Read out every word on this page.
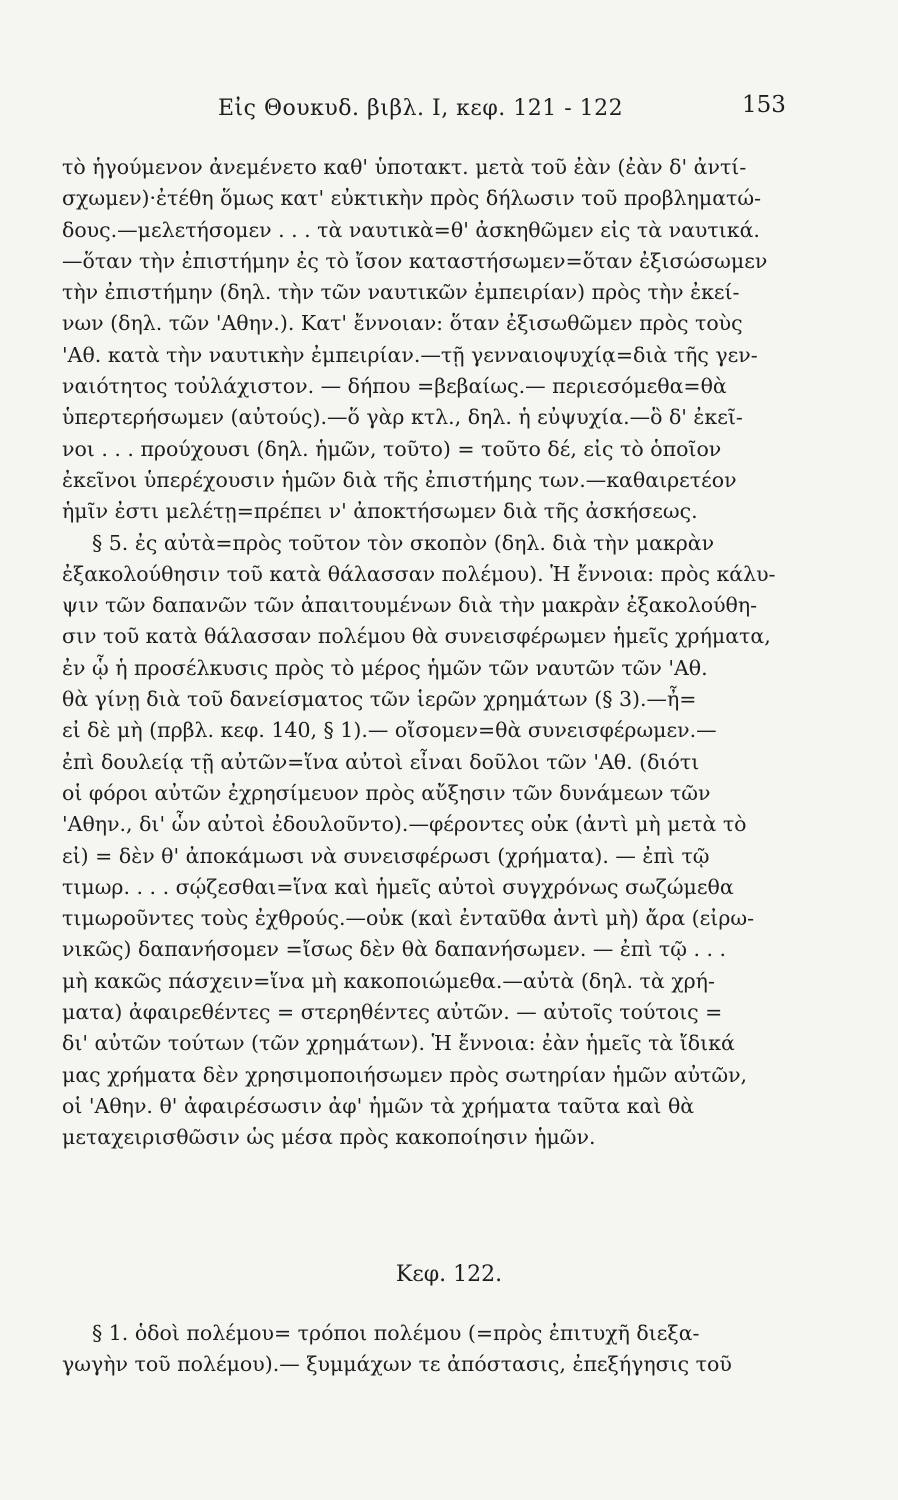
Εἰς Θουκυδ. βιβλ. Ι, κεφ. 121 - 122	153
τὸ ἡγούμενον ἀνεμένετο καθ' ὑποτακτ. μετὰ τοῦ ἐὰν (ἐὰν δ' ἀντί-
σχωμεν)·ἐτέθη ὅμως κατ' εὐκτικὴν πρὸς δήλωσιν τοῦ προβληματώ-
δους.—μελετήσομεν . . . τὰ ναυτικὰ=θ' ἀσκηθῶμεν εἰς τὰ ναυτικά.
—ὅταν τὴν ἐπιστήμην ἐς τὸ ἴσον καταστήσωμεν=ὅταν ἐξισώσωμεν
τὴν ἐπιστήμην (δηλ. τὴν τῶν ναυτικῶν ἐμπειρίαν) πρὸς τὴν ἐκεί-
νων (δηλ. τῶν 'Αθην.). Κατ' ἔννοιαν: ὅταν ἐξισωθῶμεν πρὸς τοὺς
'Αθ. κατὰ τὴν ναυτικὴν ἐμπειρίαν.—τῇ γενναιοψυχίᾳ=διὰ τῆς γεν-
ναιότητος τοὐλάχιστον. — δήπου =βεβαίως.— περιεσόμεθα=θὰ
ὑπερτερήσωμεν (αὐτούς).—ὅ γὰρ κτλ., δηλ. ἡ εὐψυχία.—ὃ δ' ἐκεῖ-
νοι . . . προύχουσι (δηλ. ἡμῶν, τοῦτο) = τοῦτο δέ, εἰς τὸ ὁποῖον
ἐκεῖνοι ὑπερέχουσιν ἡμῶν διὰ τῆς ἐπιστήμης των.—καθαιρετέον
ἡμῖν ἐστι μελέτῃ=πρέπει ν' ἀποκτήσωμεν διὰ τῆς ἀσκήσεως.
§ 5. ἐς αὐτὰ=πρὸς τοῦτον τὸν σκοπὸν (δηλ. διὰ τὴν μακρὰν
ἐξακολούθησιν τοῦ κατὰ θάλασσαν πολέμου). Ἡ ἔννοια: πρὸς κάλυ-
ψιν τῶν δαπανῶν τῶν ἀπαιτουμένων διὰ τὴν μακρὰν ἐξακολούθη-
σιν τοῦ κατὰ θάλασσαν πολέμου θὰ συνεισφέρωμεν ἡμεῖς χρήματα,
ἐν ᾧ ἡ προσέλκυσις πρὸς τὸ μέρος ἡμῶν τῶν ναυτῶν τῶν 'Αθ.
θὰ γίνῃ διὰ τοῦ δανείσματος τῶν ἱερῶν χρημάτων (§ 3).—ἦ=
εἰ δὲ μὴ (πρβλ. κεφ. 140, § 1).— οἴσομεν=θὰ συνεισφέρωμεν.—
ἐπὶ δουλείᾳ τῇ αὐτῶν=ἵνα αὐτοὶ εἶναι δοῦλοι τῶν 'Αθ. (διότι
οἱ φόροι αὐτῶν ἐχρησίμευον πρὸς αὔξησιν τῶν δυνάμεων τῶν
'Αθην., δι' ὧν αὐτοὶ ἐδουλοῦντο).—φέροντες οὐκ (ἀντὶ μὴ μετὰ τὸ
εἰ) = δὲν θ' ἀποκάμωσι νὰ συνεισφέρωσι (χρήματα). — ἐπὶ τῷ
τιμωρ. . . . σῴζεσθαι=ἵνα καὶ ἡμεῖς αὐτοὶ συγχρόνως σωζώμεθα
τιμωροῦντες τοὺς ἐχθρούς.—οὐκ (καὶ ἐνταῦθα ἀντὶ μὴ) ἄρα (εἰρω-
νικῶς) δαπανήσομεν =ἴσως δὲν θὰ δαπανήσωμεν. — ἐπὶ τῷ . . .
μὴ κακῶς πάσχειν=ἵνα μὴ κακοποιώμεθα.—αὐτὰ (δηλ. τὰ χρή-
ματα) ἀφαιρεθέντες = στερηθέντες αὐτῶν. — αὐτοῖς τούτοις =
δι' αὐτῶν τούτων (τῶν χρημάτων). Ἡ ἔννοια: ἐὰν ἡμεῖς τὰ ἴδικά
μας χρήματα δὲν χρησιμοποιήσωμεν πρὸς σωτηρίαν ἡμῶν αὐτῶν,
οἱ 'Αθην. θ' ἀφαιρέσωσιν ἀφ' ἡμῶν τὰ χρήματα ταῦτα καὶ θὰ
μεταχειρισθῶσιν ὡς μέσα πρὸς κακοποίησιν ἡμῶν.
Κεφ. 122.
§ 1. ὁδοὶ πολέμου= τρόποι πολέμου (=πρὸς ἐπιτυχῆ διεξα-
γωγὴν τοῦ πολέμου).— ξυμμάχων τε ἀπόστασις, ἐπεξήγησις τοῦ
